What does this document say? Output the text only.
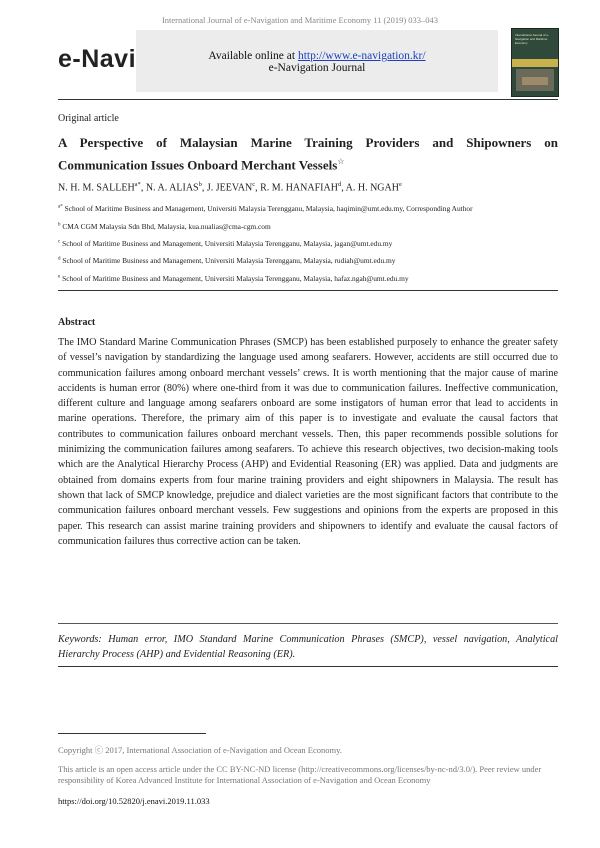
International Journal of e-Navigation and Maritime Economy 11 (2019) 033–043
e-Navi	Available online at http://www.e-navigation.kr/
e-Navigation Journal
International Journal of e-Navigation and Maritime Economy
Original article
A Perspective of Malaysian Marine Training Providers and Shipowners on Communication Issues Onboard Merchant Vessels☆
N. H. M. $SALLEH^{a*}$, N. A. ALIAS$^b$, J. JEEVAN$^c$, R. M. HANAFIAH$^d$, A. H. NGAH$^e$
$^{a*}$ School of Maritime Business and Management, Universiti Malaysia Terengganu, Malaysia, haqimin@umt.edu.my, Corresponding Author
$^b$ CMA CGM Malaysia Sdn Bhd, Malaysia, kua.nualias@cma-cgm.com
$^c$ School of Maritime Business and Management, Universiti Malaysia Terengganu, Malaysia, jagan@umt.edu.my
$^d$ School of Maritime Business and Management, Universiti Malaysia Terengganu, Malaysia, rudiah@umt.edu.my
$^e$ School of Maritime Business and Management, Universiti Malaysia Terengganu, Malaysia, hafaz.ngah@umt.edu.my
Abstract

The IMO Standard Marine Communication Phrases (SMCP) has been established purposely to enhance the greater safety of vessel’s navigation by standardizing the language used among seafarers. However, accidents are still occurred due to communication failures among onboard merchant vessels’ crews. It is worth mentioning that the major cause of marine accidents is human error (80%) where one-third from it was due to communication failures. Ineffective communication, different culture and language among seafarers onboard are some instigators of human error that lead to accidents in marine operations. Therefore, the primary aim of this paper is to investigate and evaluate the causal factors that contributes to communication failures onboard merchant vessels. Then, this paper recommends possible solutions for minimizing the communication failures among seafarers. To achieve this research objectives, two decision-making tools which are the Analytical Hierarchy Process (AHP) and Evidential Reasoning (ER) was applied. Data and judgments are obtained from domains experts from four marine training providers and eight shipowners in Malaysia. The result has shown that lack of SMCP knowledge, prejudice and dialect varieties are the most significant factors that contribute to the communication failures onboard merchant vessels. Few suggestions and opinions from the experts are proposed in this paper. This research can assist marine training providers and shipowners to identify and evaluate the causal factors of communication failures thus corrective action can be taken.

Keywords: Human error, IMO Standard Marine Communication Phrases (SMCP), vessel navigation, Analytical Hierarchy Process (AHP) and Evidential Reasoning (ER).

Copyright ⓒ 2017, International Association of e-Navigation and Ocean Economy.
This article is an open access article under the CC BY-NC-ND license (http://creativecommons.org/licenses/by-nc-nd/3.0/). Peer review under responsibility of Korea Advanced Institute for International Association of e-Navigation and Ocean Economy
https://doi.org/10.52820/j.enavi.2019.11.033
